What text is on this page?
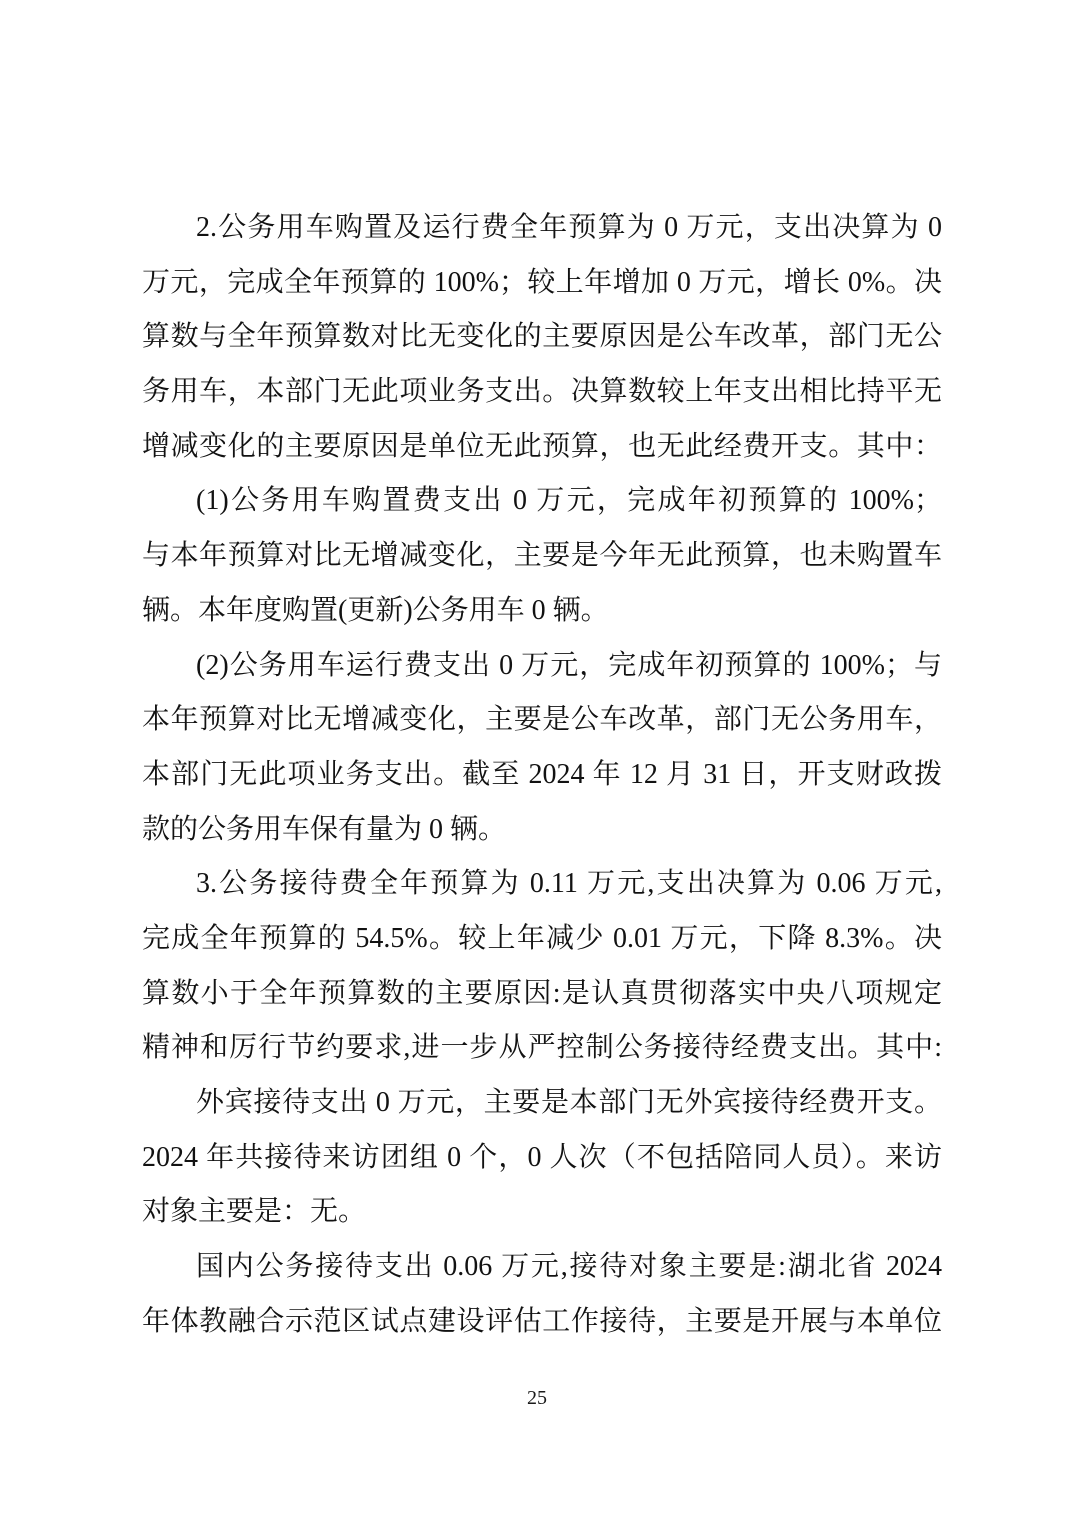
2.公务用车购置及运行费全年预算为 0 万元，支出决算为 0
万元，完成全年预算的 100%；较上年增加 0 万元，增长 0%。决
算数与全年预算数对比无变化的主要原因是公车改革，部门无公
务用车，本部门无此项业务支出。决算数较上年支出相比持平无
增减变化的主要原因是单位无此预算，也无此经费开支。其中：
(1)公务用车购置费支出 0 万元，完成年初预算的 100%；
与本年预算对比无增减变化，主要是今年无此预算，也未购置车
辆。本年度购置(更新)公务用车 0 辆。
(2)公务用车运行费支出 0 万元，完成年初预算的 100%；与
本年预算对比无增减变化，主要是公车改革，部门无公务用车，
本部门无此项业务支出。截至 2024 年 12 月 31 日，开支财政拨
款的公务用车保有量为 0 辆。
3.公务接待费全年预算为 0.11 万元,支出决算为 0.06 万元,
完成全年预算的 54.5%。较上年减少 0.01 万元，下降 8.3%。决
算数小于全年预算数的主要原因:是认真贯彻落实中央八项规定
精神和厉行节约要求,进一步从严控制公务接待经费支出。其中:
外宾接待支出 0 万元，主要是本部门无外宾接待经费开支。
2024 年共接待来访团组 0 个，0 人次（不包括陪同人员）。来访
对象主要是：无。
国内公务接待支出 0.06 万元,接待对象主要是:湖北省 2024
年体教融合示范区试点建设评估工作接待，主要是开展与本单位
25
